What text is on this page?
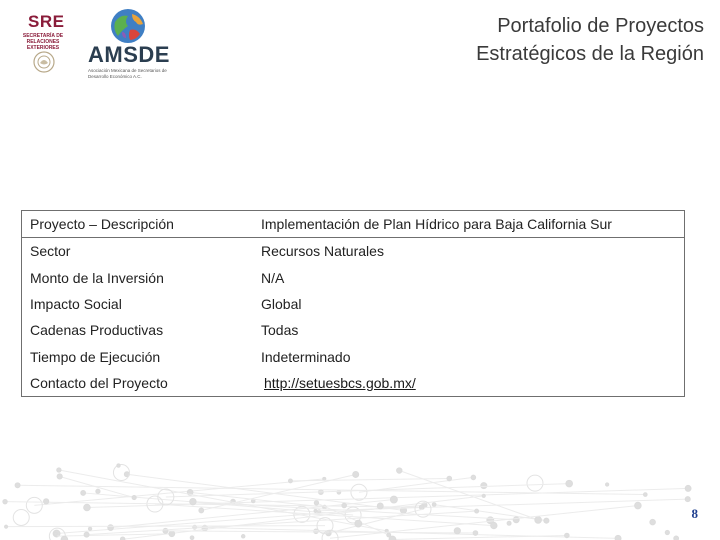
SRE
SECRETARÍA DE RELACIONES EXTERIORES	AMSDE
Asociación Mexicana de Secretarios de Desarrollo Económico A.C.
Portafolio de Proyectos
Estratégicos de la Región
Proyecto – Descripción	Implementación de Plan Hídrico para Baja California Sur
Sector	Recursos Naturales
Monto de la Inversión	N/A
Impacto Social	Global
Cadenas Productivas	Todas
Tiempo de Ejecución	Indeterminado
Contacto del Proyecto	http://setuesbcs.gob.mx/
8
